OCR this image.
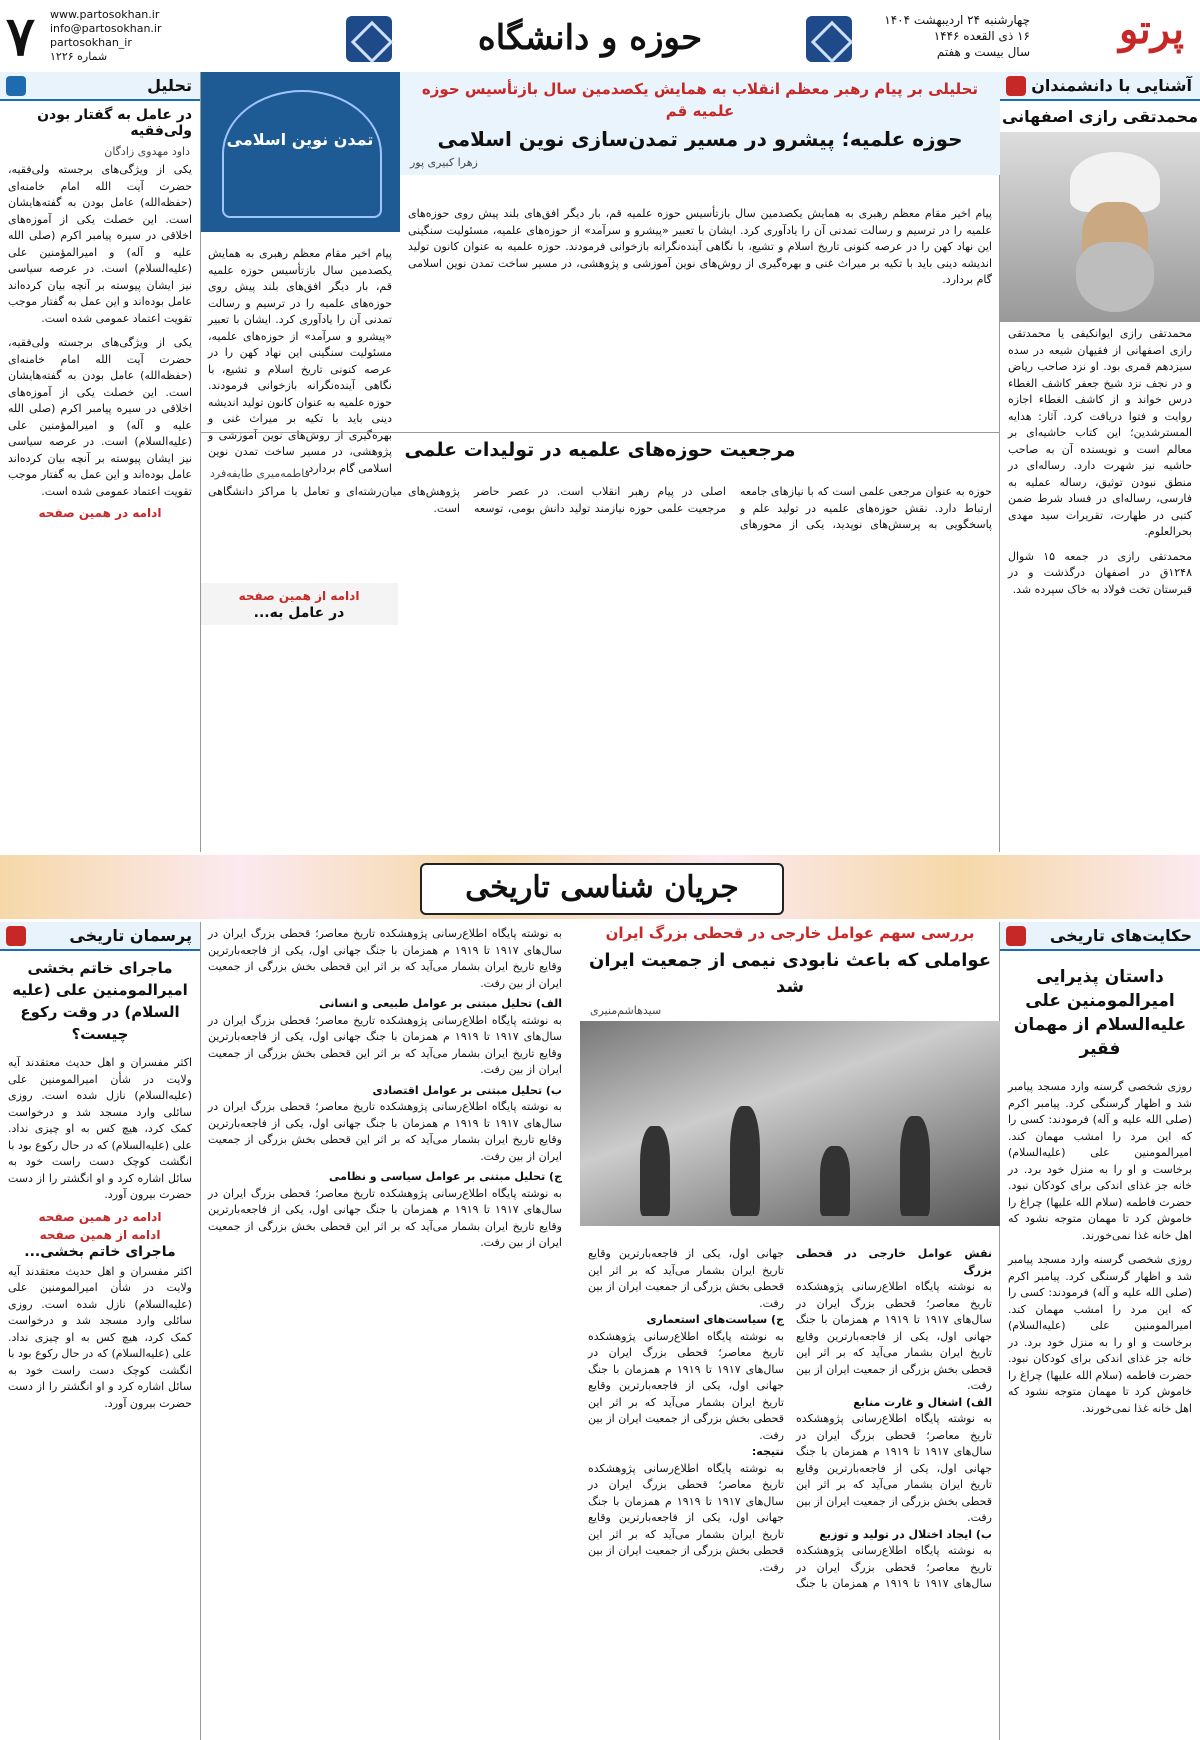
پرتو
چهارشنبه ۲۴ اردیبهشت ۱۴۰۴
۱۶ ذی القعده ۱۴۴۶
سال بیست و هفتم
حوزه و دانشگاه
www.partosokhan.ir
info@partosokhan.ir
partosokhan_ir
شماره ۱۲۲۶
۷
آشنایی با دانشمندان
محمدتقی رازی اصفهانی
محمدتقی رازی ایوانکیفی یا محمدتقی رازی اصفهانی از فقیهان شیعه در سده سیزدهم قمری بود. او نزد صاحب ریاض و در نجف نزد شیخ جعفر کاشف الغطاء درس خواند و از کاشف الغطاء اجازه روایت و فتوا دریافت کرد. آثار: هدایه المسترشدین؛ این کتاب حاشیه‌ای بر معالم است و نویسنده آن به صاحب حاشیه نیز شهرت دارد. رساله‌ای در منطق نبودن توثیق، رساله عملیه به فارسی، رساله‌ای در فساد شرط ضمن کتبی در طهارت، تقریرات سید مهدی بحرالعلوم.
محمدتقی رازی در جمعه ۱۵ شوال ۱۲۴۸ق در اصفهان درگذشت و در قبرستان تخت فولاد به خاک سپرده شد.
تمدن نوین اسلامی
تحلیلی بر پیام رهبر معظم انقلاب به همایش یکصدمین سال بازتأسیس حوزه علمیه قم
حوزه علمیه؛ پیشرو در مسیر تمدن‌سازی نوین اسلامی
زهرا کبیری پور
پیام اخیر مقام معظم رهبری به همایش یکصدمین سال بازتأسیس حوزه علمیه قم، بار دیگر افق‌های بلند پیش روی حوزه‌های علمیه را در ترسیم و رسالت تمدنی آن را یادآوری کرد. ایشان با تعبیر «پیشرو و سرآمد» از حوزه‌های علمیه، مسئولیت سنگینی این نهاد کهن را در عرصه کنونی تاریخ اسلام و تشیع، با نگاهی آینده‌نگرانه بازخوانی فرمودند. حوزه علمیه به عنوان کانون تولید اندیشه دینی باید با تکیه بر میراث غنی و بهره‌گیری از روش‌های نوین آموزشی و پژوهشی، در مسیر ساخت تمدن نوین اسلامی گام بردارد.
پیام اخیر مقام معظم رهبری به همایش یکصدمین سال بازتأسیس حوزه علمیه قم، بار دیگر افق‌های بلند پیش روی حوزه‌های علمیه را در ترسیم و رسالت تمدنی آن را یادآوری کرد. ایشان با تعبیر «پیشرو و سرآمد» از حوزه‌های علمیه، مسئولیت سنگینی این نهاد کهن را در عرصه کنونی تاریخ اسلام و تشیع، با نگاهی آینده‌نگرانه بازخوانی فرمودند. حوزه علمیه به عنوان کانون تولید اندیشه دینی باید با تکیه بر میراث غنی و بهره‌گیری از روش‌های نوین آموزشی و پژوهشی، در مسیر ساخت تمدن نوین اسلامی گام بردارد.
مرجعیت حوزه‌های علمیه در تولیدات علمی
فاطمه‌میری طایفه‌فرد
حوزه به عنوان مرجعی علمی است که با نیازهای جامعه ارتباط دارد. نقش حوزه‌های علمیه در تولید علم و پاسخگویی به پرسش‌های نوپدید، یکی از محورهای اصلی در پیام رهبر انقلاب است. در عصر حاضر مرجعیت علمی حوزه نیازمند تولید دانش بومی، توسعه پژوهش‌های میان‌رشته‌ای و تعامل با مراکز دانشگاهی است.
ادامه از همین صفحه
در عامل به...
تحلیل
در عامل به گفتار بودن ولی‌فقیه
داود مهدوی زادگان
یکی از ویژگی‌های برجسته ولی‌فقیه، حضرت آیت الله امام خامنه‌ای (حفظه‌الله) عامل بودن به گفته‌هایشان است. این خصلت یکی از آموزه‌های اخلاقی در سیره پیامبر اکرم (صلی الله علیه و آله) و امیرالمؤمنین علی (علیه‌السلام) است. در عرصه سیاسی نیز ایشان پیوسته بر آنچه بیان کرده‌اند عامل بوده‌اند و این عمل به گفتار موجب تقویت اعتماد عمومی شده است.
یکی از ویژگی‌های برجسته ولی‌فقیه، حضرت آیت الله امام خامنه‌ای (حفظه‌الله) عامل بودن به گفته‌هایشان است. این خصلت یکی از آموزه‌های اخلاقی در سیره پیامبر اکرم (صلی الله علیه و آله) و امیرالمؤمنین علی (علیه‌السلام) است. در عرصه سیاسی نیز ایشان پیوسته بر آنچه بیان کرده‌اند عامل بوده‌اند و این عمل به گفتار موجب تقویت اعتماد عمومی شده است.
ادامه در همین صفحه
جریان شناسی تاریخی
حکایت‌های تاریخی
داستان پذیرایی امیرالمومنین علی علیه‌السلام از مهمان فقیر
روزی شخصی گرسنه وارد مسجد پیامبر شد و اظهار گرسنگی کرد. پیامبر اکرم (صلی الله علیه و آله) فرمودند: کسی را که این مرد را امشب مهمان کند. امیرالمومنین علی (علیه‌السلام) برخاست و او را به منزل خود برد. در خانه جز غذای اندکی برای کودکان نبود. حضرت فاطمه (سلام الله علیها) چراغ را خاموش کرد تا مهمان متوجه نشود که اهل خانه غذا نمی‌خورند.
روزی شخصی گرسنه وارد مسجد پیامبر شد و اظهار گرسنگی کرد. پیامبر اکرم (صلی الله علیه و آله) فرمودند: کسی را که این مرد را امشب مهمان کند. امیرالمومنین علی (علیه‌السلام) برخاست و او را به منزل خود برد. در خانه جز غذای اندکی برای کودکان نبود. حضرت فاطمه (سلام الله علیها) چراغ را خاموش کرد تا مهمان متوجه نشود که اهل خانه غذا نمی‌خورند.
بررسی سهم عوامل خارجی در قحطی بزرگ ایران
عواملی که باعث نابودی نیمی از جمعیت ایران شد
سیدهاشم‌منیری
به نوشته پایگاه اطلاع‌رسانی پژوهشکده تاریخ معاصر؛ قحطی بزرگ ایران در سال‌های ۱۹۱۷ تا ۱۹۱۹ م همزمان با جنگ جهانی اول، یکی از فاجعه‌بارترین وقایع تاریخ ایران بشمار می‌آید که بر اثر این قحطی بخش بزرگی از جمعیت ایران از بین رفت.
الف) تحلیل مبتنی بر عوامل طبیعی و انسانی
به نوشته پایگاه اطلاع‌رسانی پژوهشکده تاریخ معاصر؛ قحطی بزرگ ایران در سال‌های ۱۹۱۷ تا ۱۹۱۹ م همزمان با جنگ جهانی اول، یکی از فاجعه‌بارترین وقایع تاریخ ایران بشمار می‌آید که بر اثر این قحطی بخش بزرگی از جمعیت ایران از بین رفت.
ب) تحلیل مبتنی بر عوامل اقتصادی
به نوشته پایگاه اطلاع‌رسانی پژوهشکده تاریخ معاصر؛ قحطی بزرگ ایران در سال‌های ۱۹۱۷ تا ۱۹۱۹ م همزمان با جنگ جهانی اول، یکی از فاجعه‌بارترین وقایع تاریخ ایران بشمار می‌آید که بر اثر این قحطی بخش بزرگی از جمعیت ایران از بین رفت.
ج) تحلیل مبتنی بر عوامل سیاسی و نظامی
به نوشته پایگاه اطلاع‌رسانی پژوهشکده تاریخ معاصر؛ قحطی بزرگ ایران در سال‌های ۱۹۱۷ تا ۱۹۱۹ م همزمان با جنگ جهانی اول، یکی از فاجعه‌بارترین وقایع تاریخ ایران بشمار می‌آید که بر اثر این قحطی بخش بزرگی از جمعیت ایران از بین رفت.
نقش عوامل خارجی در قحطی بزرگ
به نوشته پایگاه اطلاع‌رسانی پژوهشکده تاریخ معاصر؛ قحطی بزرگ ایران در سال‌های ۱۹۱۷ تا ۱۹۱۹ م همزمان با جنگ جهانی اول، یکی از فاجعه‌بارترین وقایع تاریخ ایران بشمار می‌آید که بر اثر این قحطی بخش بزرگی از جمعیت ایران از بین رفت.
الف) اشغال و غارت منابع
به نوشته پایگاه اطلاع‌رسانی پژوهشکده تاریخ معاصر؛ قحطی بزرگ ایران در سال‌های ۱۹۱۷ تا ۱۹۱۹ م همزمان با جنگ جهانی اول، یکی از فاجعه‌بارترین وقایع تاریخ ایران بشمار می‌آید که بر اثر این قحطی بخش بزرگی از جمعیت ایران از بین رفت.
ب) ایجاد اختلال در تولید و توزیع
به نوشته پایگاه اطلاع‌رسانی پژوهشکده تاریخ معاصر؛ قحطی بزرگ ایران در سال‌های ۱۹۱۷ تا ۱۹۱۹ م همزمان با جنگ جهانی اول، یکی از فاجعه‌بارترین وقایع تاریخ ایران بشمار می‌آید که بر اثر این قحطی بخش بزرگی از جمعیت ایران از بین رفت.
ج) سیاست‌های استعماری
به نوشته پایگاه اطلاع‌رسانی پژوهشکده تاریخ معاصر؛ قحطی بزرگ ایران در سال‌های ۱۹۱۷ تا ۱۹۱۹ م همزمان با جنگ جهانی اول، یکی از فاجعه‌بارترین وقایع تاریخ ایران بشمار می‌آید که بر اثر این قحطی بخش بزرگی از جمعیت ایران از بین رفت.
نتیجه:
به نوشته پایگاه اطلاع‌رسانی پژوهشکده تاریخ معاصر؛ قحطی بزرگ ایران در سال‌های ۱۹۱۷ تا ۱۹۱۹ م همزمان با جنگ جهانی اول، یکی از فاجعه‌بارترین وقایع تاریخ ایران بشمار می‌آید که بر اثر این قحطی بخش بزرگی از جمعیت ایران از بین رفت.
پرسمان تاریخی
ماجرای خاتم بخشی امیرالمومنین علی (علیه السلام) در وقت رکوع چیست؟
اکثر مفسران و اهل حدیث معتقدند آیه ولایت در شأن امیرالمومنین علی (علیه‌السلام) نازل شده است. روزی سائلی وارد مسجد شد و درخواست کمک کرد، هیچ کس به او چیزی نداد. علی (علیه‌السلام) که در حال رکوع بود با انگشت کوچک دست راست خود به سائل اشاره کرد و او انگشتر را از دست حضرت بیرون آورد.
ادامه در همین صفحه
ادامه از همین صفحه
ماجرای خاتم بخشی...
اکثر مفسران و اهل حدیث معتقدند آیه ولایت در شأن امیرالمومنین علی (علیه‌السلام) نازل شده است. روزی سائلی وارد مسجد شد و درخواست کمک کرد، هیچ کس به او چیزی نداد. علی (علیه‌السلام) که در حال رکوع بود با انگشت کوچک دست راست خود به سائل اشاره کرد و او انگشتر را از دست حضرت بیرون آورد.
